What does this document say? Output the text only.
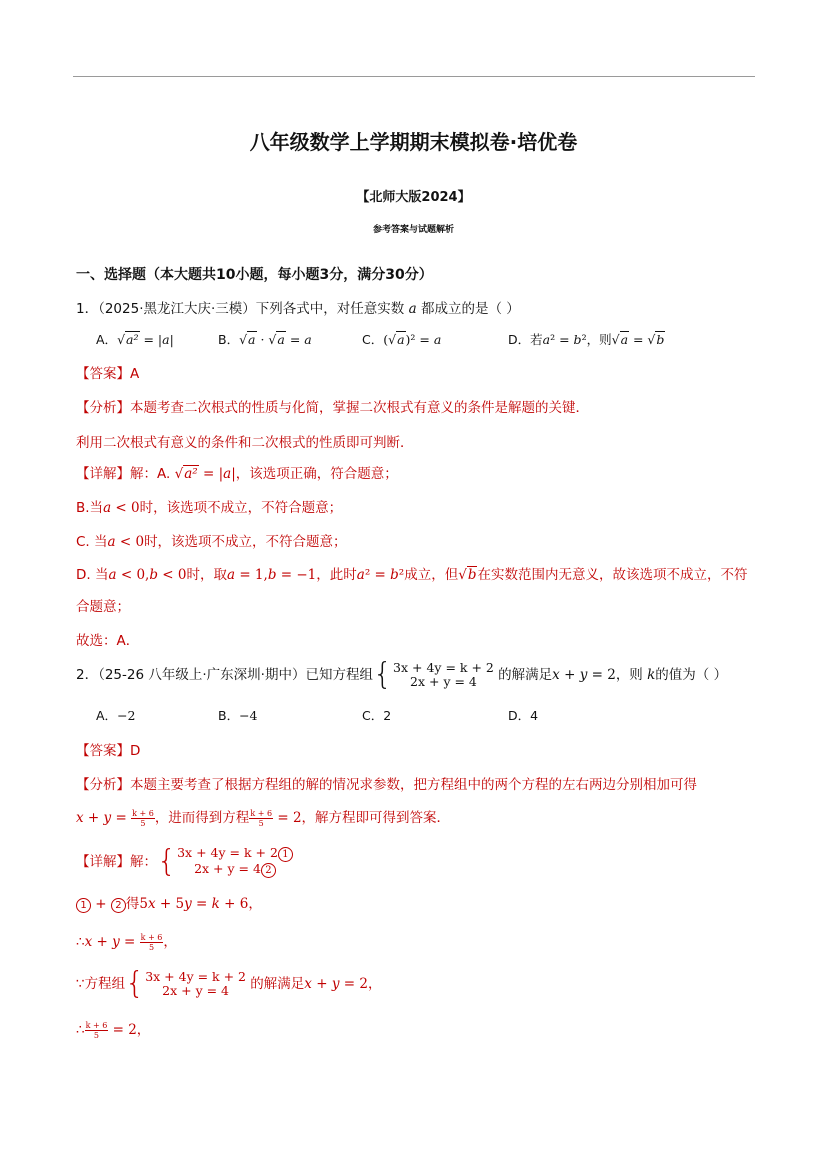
八年级数学上学期期末模拟卷·培优卷
【北师大版2024】
参考答案与试题解析
一、选择题（本大题共10小题，每小题3分，满分30分）
1．（2025·黑龙江大庆·三模）下列各式中，对任意实数 a 都成立的是（ ）
A．√a² = |a|	B．√a · √a = a	C．(√a)² = a	D．若a² = b²，则√a = √b
【答案】A
【分析】本题考查二次根式的性质与化简，掌握二次根式有意义的条件是解题的关键．
利用二次根式有意义的条件和二次根式的性质即可判断．
【详解】解：A. √a² = |a|，该选项正确，符合题意；
B.当a < 0时，该选项不成立，不符合题意；
C. 当a < 0时，该选项不成立，不符合题意；
D. 当a < 0,b < 0时，取a = 1,b = −1，此时a² = b²成立，但√b在实数范围内无意义，故该选项不成立，不符
合题意；
故选：A．
2．（25-26 八年级上·广东深圳·期中）已知方程组 { 3x + 4y = k + 2
2x + y = 4	的解满足x + y = 2，则 k的值为（ ）
A．−2	B．−4	C．2	D．4
【答案】D
【分析】本题主要考查了根据方程组的解的情况求参数，把方程组中的两个方程的左右两边分别相加可得
$x + y = \frac{k + 6}{5}$ ，进而得到方程 $\frac{k + 6}{5} = 2$，解方程即可得到答案．
【详解】解： { 3x + 4y = k + 2 1
2x + y = 4 2
1 + 2 得5x + 5y = k + 6，
∴x + $y = \frac{k + 6}{5}$ ，
∵方程组 { 3x + 4y = k + 2
2x + y = 4	的解满足x + y = 2，
∴ $\frac{k + 6}{5} = 2$，
